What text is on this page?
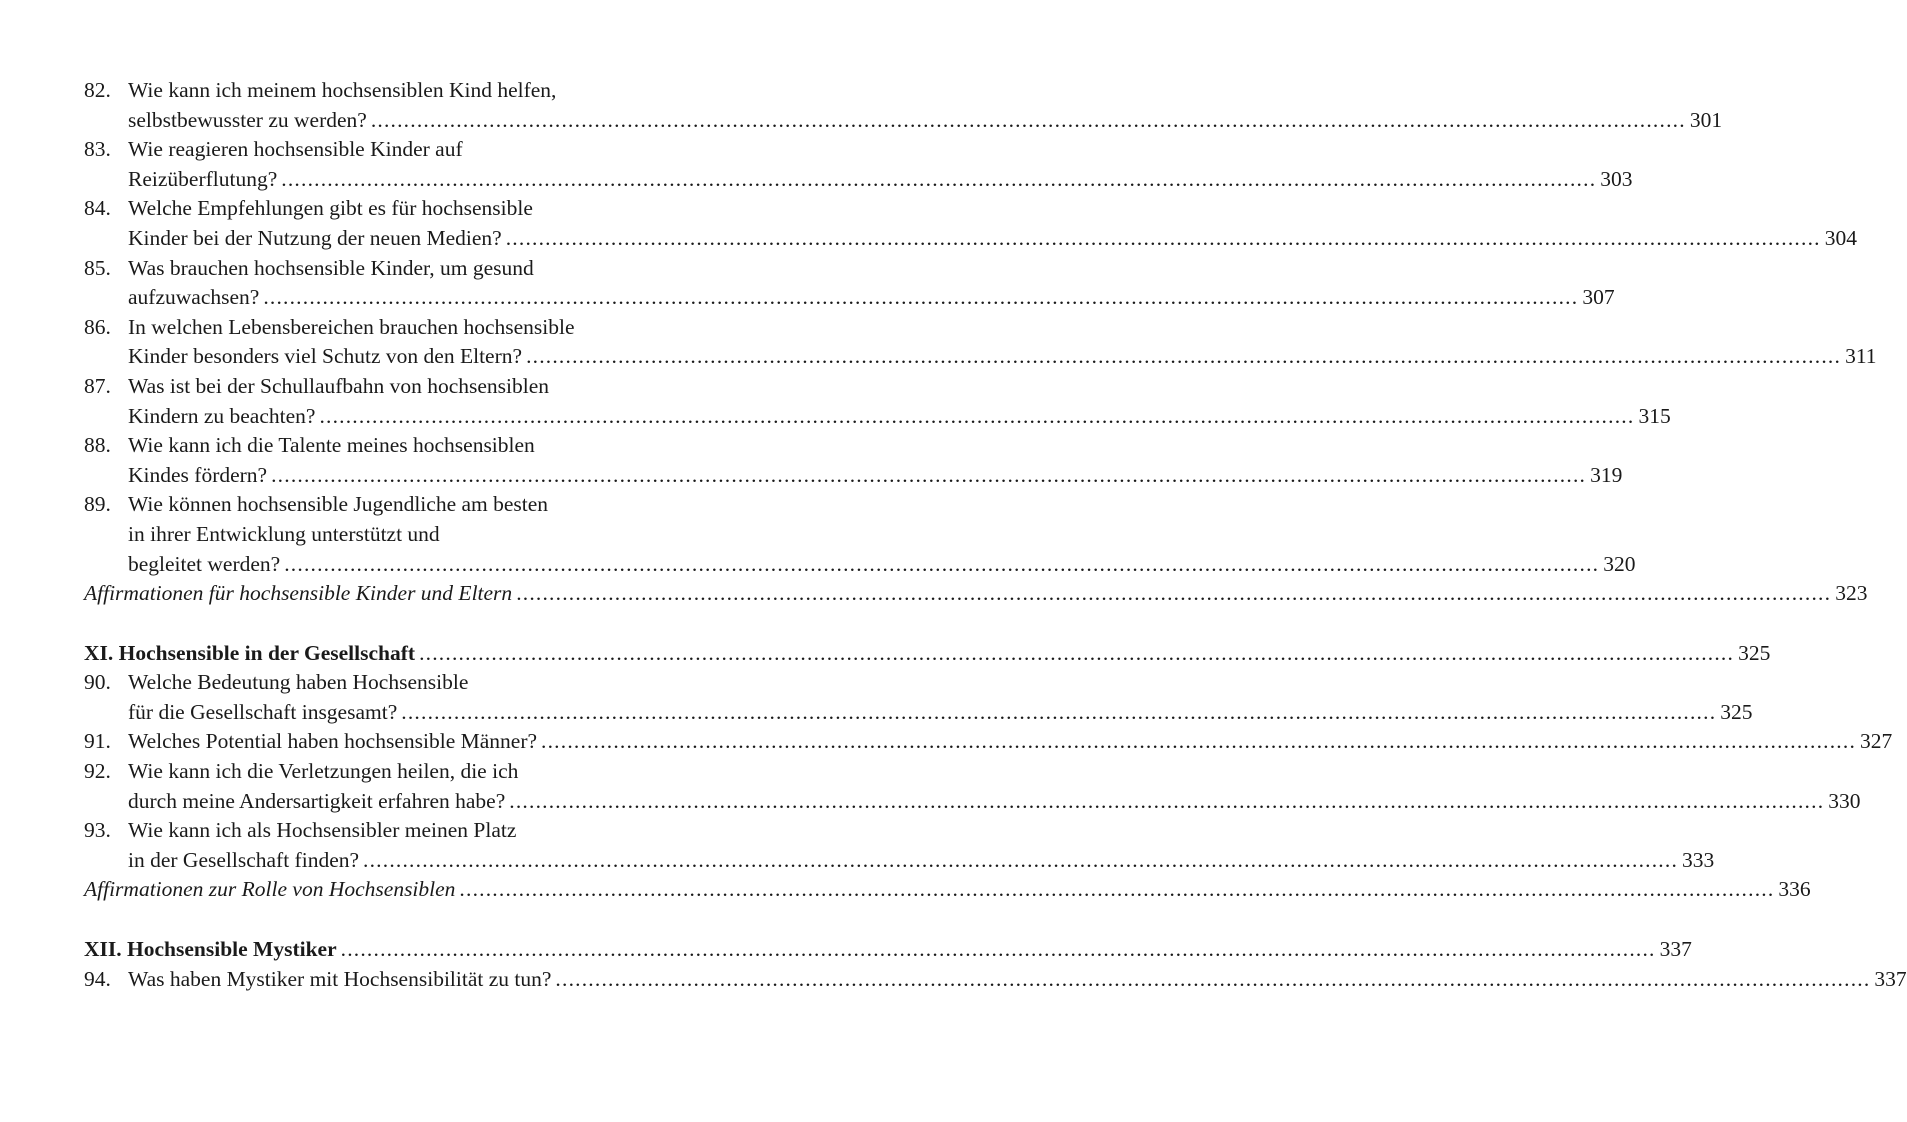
82. Wie kann ich meinem hochsensiblen Kind helfen,
selbstbewusster zu werden? ........................................................................................................................................................................................................ 301
83. Wie reagieren hochsensible Kinder auf
Reizüberflutung? ........................................................................................................................................................................................................ 303
84. Welche Empfehlungen gibt es für hochsensible
Kinder bei der Nutzung der neuen Medien? ........................................................................................................................................................................................................ 304
85. Was brauchen hochsensible Kinder, um gesund
aufzuwachsen? ........................................................................................................................................................................................................ 307
86. In welchen Lebensbereichen brauchen hochsensible
Kinder besonders viel Schutz von den Eltern? ........................................................................................................................................................................................................ 311
87. Was ist bei der Schullaufbahn von hochsensiblen
Kindern zu beachten? ........................................................................................................................................................................................................ 315
88. Wie kann ich die Talente meines hochsensiblen
Kindes fördern? ........................................................................................................................................................................................................ 319
89. Wie können hochsensible Jugendliche am besten
in ihrer Entwicklung unterstützt und
begleitet werden? ........................................................................................................................................................................................................ 320
Affirmationen für hochsensible Kinder und Eltern ........................................................................................................................................................................................................ 323
XI. Hochsensible in der Gesellschaft ........................................................................................................................................................................................................ 325
90. Welche Bedeutung haben Hochsensible
für die Gesellschaft insgesamt? ........................................................................................................................................................................................................ 325
91. Welches Potential haben hochsensible Männer? ........................................................................................................................................................................................................ 327
92. Wie kann ich die Verletzungen heilen, die ich
durch meine Andersartigkeit erfahren habe? ........................................................................................................................................................................................................ 330
93. Wie kann ich als Hochsensibler meinen Platz
in der Gesellschaft finden? ........................................................................................................................................................................................................ 333
Affirmationen zur Rolle von Hochsensiblen ........................................................................................................................................................................................................ 336
XII. Hochsensible Mystiker ........................................................................................................................................................................................................ 337
94. Was haben Mystiker mit Hochsensibilität zu tun? ........................................................................................................................................................................................................ 337
